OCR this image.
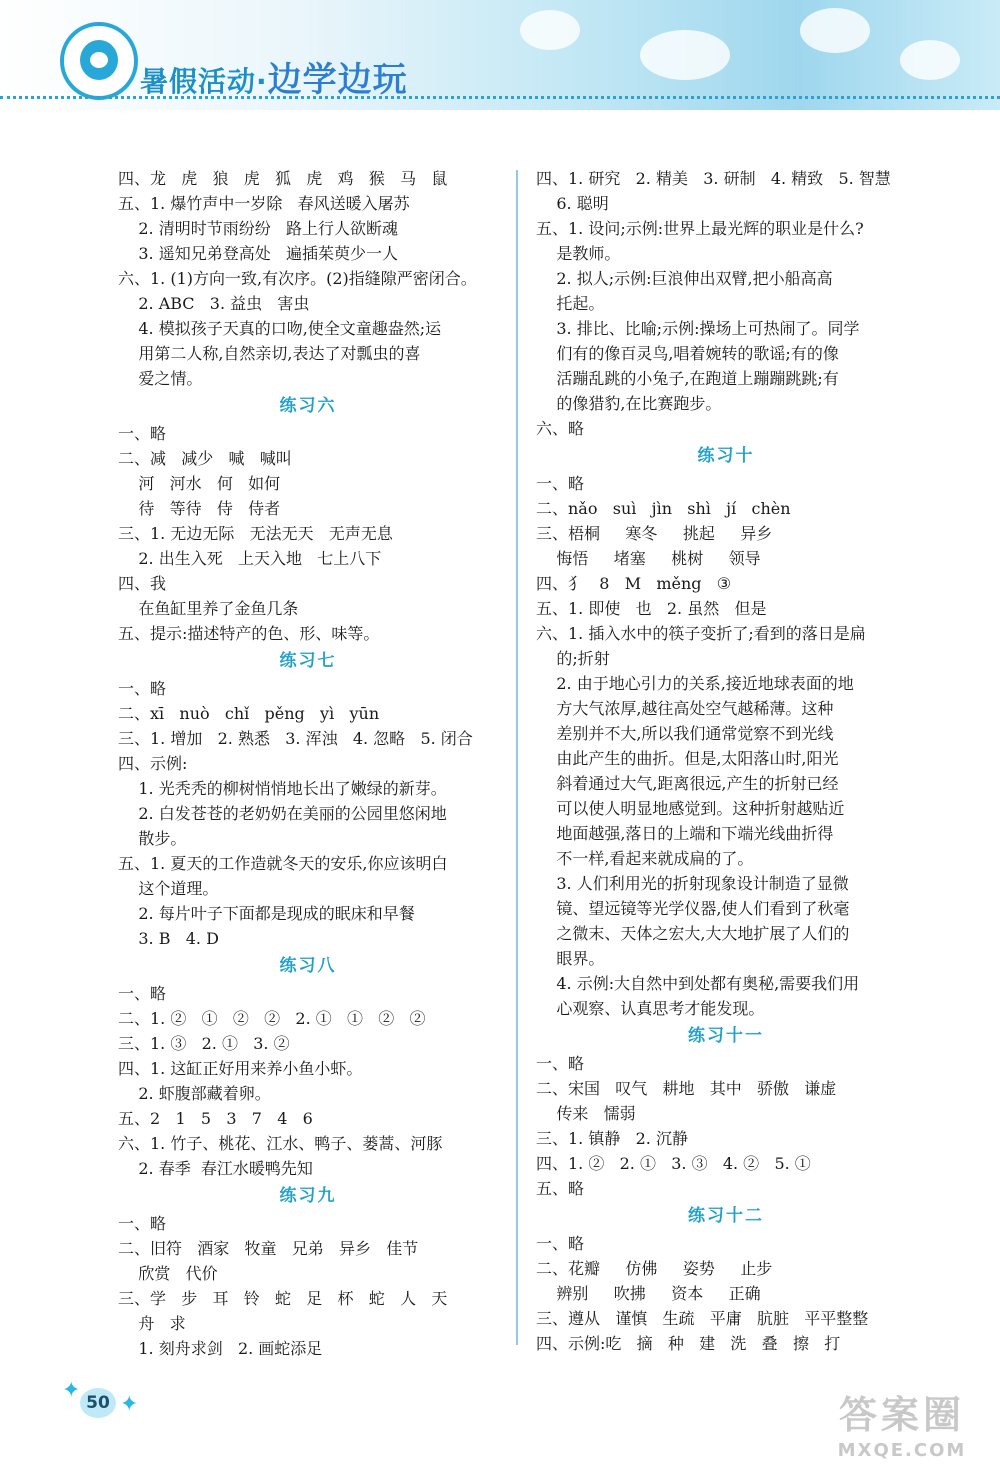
暑假活动·边学边玩
四、龙   虎   狼   虎   狐   虎   鸡   猴   马   鼠
五、1. 爆竹声中一岁除   春风送暖入屠苏
2. 清明时节雨纷纷   路上行人欲断魂
3. 遥知兄弟登高处   遍插茱萸少一人
六、1. (1)方向一致,有次序。(2)指缝隙严密闭合。
2. ABC   3. 益虫   害虫
4. 模拟孩子天真的口吻,使全文童趣盎然;运
用第二人称,自然亲切,表达了对瓢虫的喜
爱之情。
练习六
一、略
二、减   减少   喊   喊叫
河   河水   何   如何
待   等待   侍   侍者
三、1. 无边无际   无法无天   无声无息
2. 出生入死   上天入地   七上八下
四、我
在鱼缸里养了金鱼几条
五、提示:描述特产的色、形、味等。
练习七
一、略
二、xī   nuò   chǐ   pěng   yì   yūn
三、1. 增加   2. 熟悉   3. 浑浊   4. 忽略   5. 闭合
四、示例:
1. 光秃秃的柳树悄悄地长出了嫩绿的新芽。
2. 白发苍苍的老奶奶在美丽的公园里悠闲地
散步。
五、1. 夏天的工作造就冬天的安乐,你应该明白
这个道理。
2. 每片叶子下面都是现成的眠床和早餐
3. B   4. D
练习八
一、略
二、1. ②   ①   ②   ②   2. ①   ①   ②   ②
三、1. ③   2. ①   3. ②
四、1. 这缸正好用来养小鱼小虾。
2. 虾腹部藏着卵。
五、2   1   5   3   7   4   6
六、1. 竹子、桃花、江水、鸭子、蒌蒿、河豚
2. 春季  春江水暖鸭先知
练习九
一、略
二、旧符   酒家   牧童   兄弟   异乡   佳节
欣赏   代价
三、学   步   耳   铃   蛇   足   杯   蛇   人   天
舟   求
1. 刻舟求剑   2. 画蛇添足
四、1. 研究   2. 精美   3. 研制   4. 精致   5. 智慧
6. 聪明
五、1. 设问;示例:世界上最光辉的职业是什么?
是教师。
2. 拟人;示例:巨浪伸出双臂,把小船高高
托起。
3. 排比、比喻;示例:操场上可热闹了。同学
们有的像百灵鸟,唱着婉转的歌谣;有的像
活蹦乱跳的小兔子,在跑道上蹦蹦跳跳;有
的像猎豹,在比赛跑步。
六、略
练习十
一、略
二、nǎo   suì   jìn   shì   jí   chèn
三、梧桐     寒冬     挑起     异乡
悔悟     堵塞     桃树     领导
四、犭   8   M   měng   ③
五、1. 即使   也   2. 虽然   但是
六、1. 插入水中的筷子变折了;看到的落日是扁
的;折射
2. 由于地心引力的关系,接近地球表面的地
方大气浓厚,越往高处空气越稀薄。这种
差别并不大,所以我们通常觉察不到光线
由此产生的曲折。但是,太阳落山时,阳光
斜着通过大气,距离很远,产生的折射已经
可以使人明显地感觉到。这种折射越贴近
地面越强,落日的上端和下端光线曲折得
不一样,看起来就成扁的了。
3. 人们利用光的折射现象设计制造了显微
镜、望远镜等光学仪器,使人们看到了秋毫
之微末、天体之宏大,大大地扩展了人们的
眼界。
4. 示例:大自然中到处都有奥秘,需要我们用
心观察、认真思考才能发现。
练习十一
一、略
二、宋国   叹气   耕地   其中   骄傲   谦虚
传来   懦弱
三、1. 镇静   2. 沉静
四、1. ②   2. ①   3. ③   4. ②   5. ①
五、略
练习十二
一、略
二、花瓣     仿佛     姿势     止步
辨别     吹拂     资本     正确
三、遵从   谨慎   生疏   平庸   肮脏   平平整整
四、示例:吃   摘   种   建   洗   叠   擦   打
✦ 50 ✦	答案圈
MXQE.COM
